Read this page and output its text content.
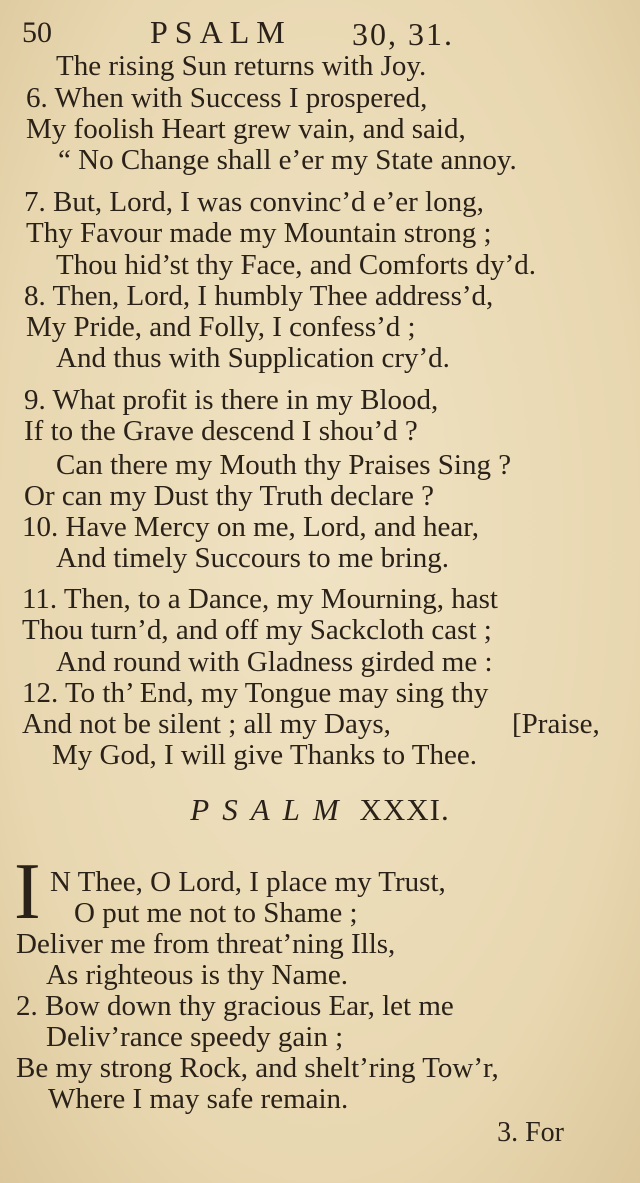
50	PSALM 30, 31.
The rising Sun returns with Joy.
6. When with Success I prospered,
My foolish Heart grew vain, and said,
“ No Change shall e’er my State annoy.
7. But, Lord, I was convinc’d e’er long,
Thy Favour made my Mountain strong ;
Thou hid’st thy Face, and Comforts dy’d.
8. Then, Lord, I humbly Thee address’d,
My Pride, and Folly, I confess’d ;
And thus with Supplication cry’d.
9. What profit is there in my Blood,
If to the Grave descend I shou’d ?
Can there my Mouth thy Praises Sing ?
Or can my Dust thy Truth declare ?
10. Have Mercy on me, Lord, and hear,
And timely Succours to me bring.
11. Then, to a Dance, my Mourning, hast
Thou turn’d, and off my Sackcloth cast ;
And round with Gladness girded me :
12. To th’ End, my Tongue may sing thy
And not be silent ; all my Days,	[Praise,
My God, I will give Thanks to Thee.
PSALM XXXI.
I N Thee, O Lord, I place my Trust,
O put me not to Shame ;
Deliver me from threat’ning Ills,
As righteous is thy Name.
2. Bow down thy gracious Ear, let me
Deliv’rance speedy gain ;
Be my strong Rock, and shelt’ring Tow’r,
Where I may safe remain.
3. For
